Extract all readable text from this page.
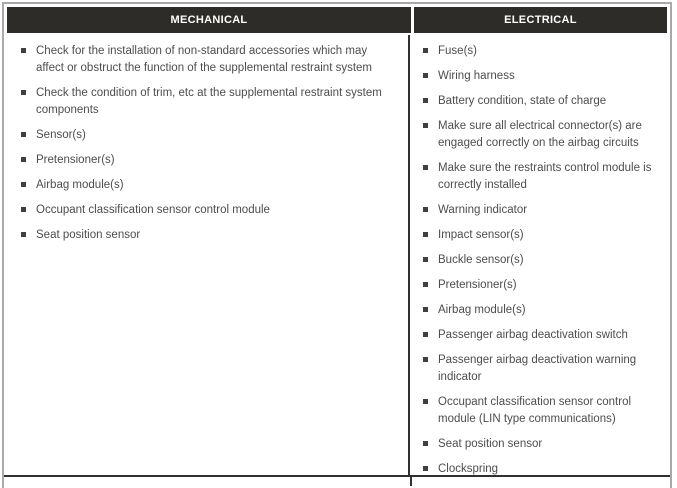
MECHANICAL	ELECTRICAL
Check for the installation of non-standard accessories which may affect or obstruct the function of the supplemental restraint system
Check the condition of trim, etc at the supplemental restraint system components
Sensor(s)
Pretensioner(s)
Airbag module(s)
Occupant classification sensor control module
Seat position sensor
Fuse(s)
Wiring harness
Battery condition, state of charge
Make sure all electrical connector(s) are engaged correctly on the airbag circuits
Make sure the restraints control module is correctly installed
Warning indicator
Impact sensor(s)
Buckle sensor(s)
Pretensioner(s)
Airbag module(s)
Passenger airbag deactivation switch
Passenger airbag deactivation warning indicator
Occupant classification sensor control module (LIN type communications)
Seat position sensor
Clockspring
